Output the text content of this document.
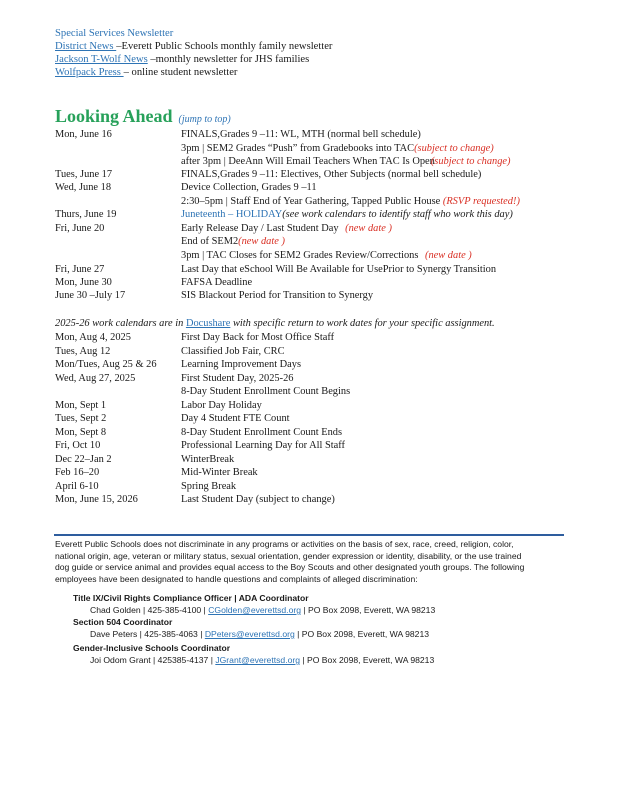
Special Services Newsletter
District News –Everett Public Schools monthly family newsletter
Jackson T-Wolf News –monthly newsletter for JHS families
Wolfpack Press – online student newsletter
Looking Ahead (jump to top)
Mon, June 16	FINALS,Grades 9 –11: WL, MTH (normal bell schedule)
3pm | SEM2 Grades “Push” from Gradebooks into TAC(subject to change)
after 3pm | DeeAnn Will Email Teachers When TAC Is Open(subject to change)
Tues, June 17	FINALS,Grades 9 –11: Electives, Other Subjects (normal bell schedule)
Wed, June 18	Device Collection, Grades 9 –11
2:30–5pm | Staff End of Year Gathering, Tapped Public House (RSVP requested!)
Thurs, June 19	Juneteenth – HOLIDAY(see work calendars to identify staff who work this day)
Fri, June 20	Early Release Day / Last Student Day (new date )
End of SEM2(new date )
3pm | TAC Closes for SEM2 Grades Review/Corrections (new date )
Fri, June 27	Last Day that eSchool Will Be Available for UsePrior to Synergy Transition
Mon, June 30	FAFSA Deadline
June 30 –July 17	SIS Blackout Period for Transition to Synergy
2025-26 work calendars are in Docushare with specific return to work dates for your specific assignment.
Mon, Aug 4, 2025	First Day Back for Most Office Staff
Tues, Aug 12	Classified Job Fair, CRC
Mon/Tues, Aug 25 & 26 Learning Improvement Days
Wed, Aug 27, 2025	First Student Day, 2025-26
8-Day Student Enrollment Count Begins
Mon, Sept 1	Labor Day Holiday
Tues, Sept 2	Day 4 Student FTE Count
Mon, Sept 8	8-Day Student Enrollment Count Ends
Fri, Oct 10	Professional Learning Day for All Staff
Dec 22–Jan 2	WinterBreak
Feb 16–20	Mid-Winter Break
April 6-10	Spring Break
Mon, June 15, 2026	Last Student Day (subject to change)
Everett Public Schools does not discriminate in any programs or activities on the basis of sex, race, creed, religion, color,
national origin, age, veteran or military status, sexual orientation, gender expression or identity, disability, or the use trained
dog guide or service animal and provides equal access to the Boy Scouts and other designated youth groups. The following
employees have been designated to handle questions and complaints of alleged discrimination:
Title IX/Civil Rights Compliance Officer | ADA Coordinator
Chad Golden | 425-385-4100 | CGolden@everettsd.org | PO Box 2098, Everett, WA 98213
Section 504 Coordinator
Dave Peters | 425-385-4063 | DPeters@everettsd.org | PO Box 2098, Everett, WA 98213
Gender-Inclusive Schools Coordinator
Joi Odom Grant | 425385-4137 | JGrant@everettsd.org | PO Box 2098, Everett, WA 98213
